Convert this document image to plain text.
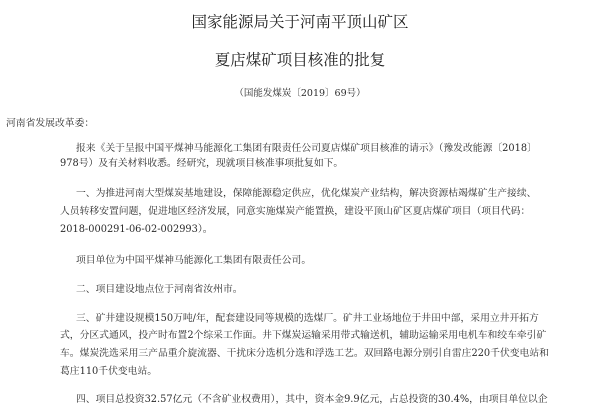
国家能源局关于河南平顶山矿区
夏店煤矿项目核准的批复
（国能发煤炭〔2019〕69号）
河南省发展改革委：
报来《关于呈报中国平煤神马能源化工集团有限责任公司夏店煤矿项目核准的请示》（豫发改能源〔2018〕
978号）及有关材料收悉。经研究，现就项目核准事项批复如下。
一、为推进河南大型煤炭基地建设，保障能源稳定供应，优化煤炭产业结构，解决资源枯竭煤矿生产接续、
人员转移安置问题，促进地区经济发展，同意实施煤炭产能置换，建设平顶山矿区夏店煤矿项目（项目代码：
2018-000291-06-02-002993）。
项目单位为中国平煤神马能源化工集团有限责任公司。
二、项目建设地点位于河南省汝州市。
三、矿井建设规模150万吨/年，配套建设同等规模的选煤厂。矿井工业场地位于井田中部，采用立井开拓方
式，分区式通风，投产时布置2个综采工作面。井下煤炭运输采用带式输送机，辅助运输采用电机车和绞车牵引矿
车。煤炭洗选采用三产品重介旋流器、干扰床分选机分选和浮选工艺。双回路电源分别引自雷庄220千伏变电站和
葛庄110千伏变电站。
四、项目总投资32.57亿元（不含矿业权费用），其中，资本金9.9亿元，占总投资的30.4%，由项目单位以企
